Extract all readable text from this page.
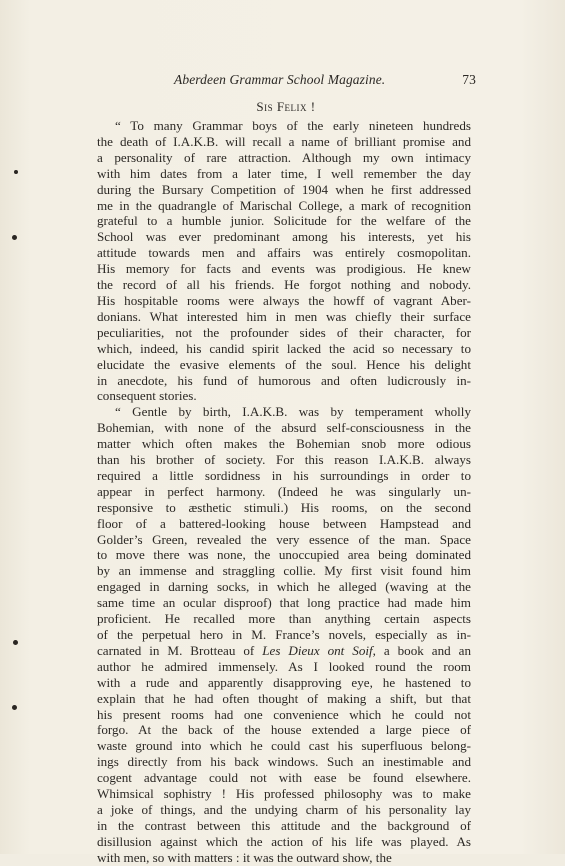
Aberdeen Grammar School Magazine.	73
Sis Felix !
“ To many Grammar boys of the early nineteen hundreds
the death of I.A.K.B. will recall a name of brilliant promise and
a personality of rare attraction. Although my own intimacy
with him dates from a later time, I well remember the day
during the Bursary Competition of 1904 when he first addressed
me in the quadrangle of Marischal College, a mark of recognition
grateful to a humble junior. Solicitude for the welfare of the
School was ever predominant among his interests, yet his
attitude towards men and affairs was entirely cosmopolitan.
His memory for facts and events was prodigious. He knew
the record of all his friends. He forgot nothing and nobody.
His hospitable rooms were always the howff of vagrant Aber-
donians. What interested him in men was chiefly their surface
peculiarities, not the profounder sides of their character, for
which, indeed, his candid spirit lacked the acid so necessary to
elucidate the evasive elements of the soul. Hence his delight
in anecdote, his fund of humorous and often ludicrously in-
consequent stories.
“ Gentle by birth, I.A.K.B. was by temperament wholly
Bohemian, with none of the absurd self-consciousness in the
matter which often makes the Bohemian snob more odious
than his brother of society. For this reason I.A.K.B. always
required a little sordidness in his surroundings in order to
appear in perfect harmony. (Indeed he was singularly un-
responsive to æsthetic stimuli.) His rooms, on the second
floor of a battered-looking house between Hampstead and
Golder’s Green, revealed the very essence of the man. Space
to move there was none, the unoccupied area being dominated
by an immense and straggling collie. My first visit found him
engaged in darning socks, in which he alleged (waving at the
same time an ocular disproof) that long practice had made him
proficient. He recalled more than anything certain aspects
of the perpetual hero in M. France’s novels, especially as in-
carnated in M. Brotteau of Les Dieux ont Soif, a book and an
author he admired immensely. As I looked round the room
with a rude and apparently disapproving eye, he hastened to
explain that he had often thought of making a shift, but that
his present rooms had one convenience which he could not
forgo. At the back of the house extended a large piece of
waste ground into which he could cast his superfluous belong-
ings directly from his back windows. Such an inestimable and
cogent advantage could not with ease be found elsewhere.
Whimsical sophistry ! His professed philosophy was to make
a joke of things, and the undying charm of his personality lay
in the contrast between this attitude and the background of
disillusion against which the action of his life was played. As
with men, so with matters : it was the outward show, the
